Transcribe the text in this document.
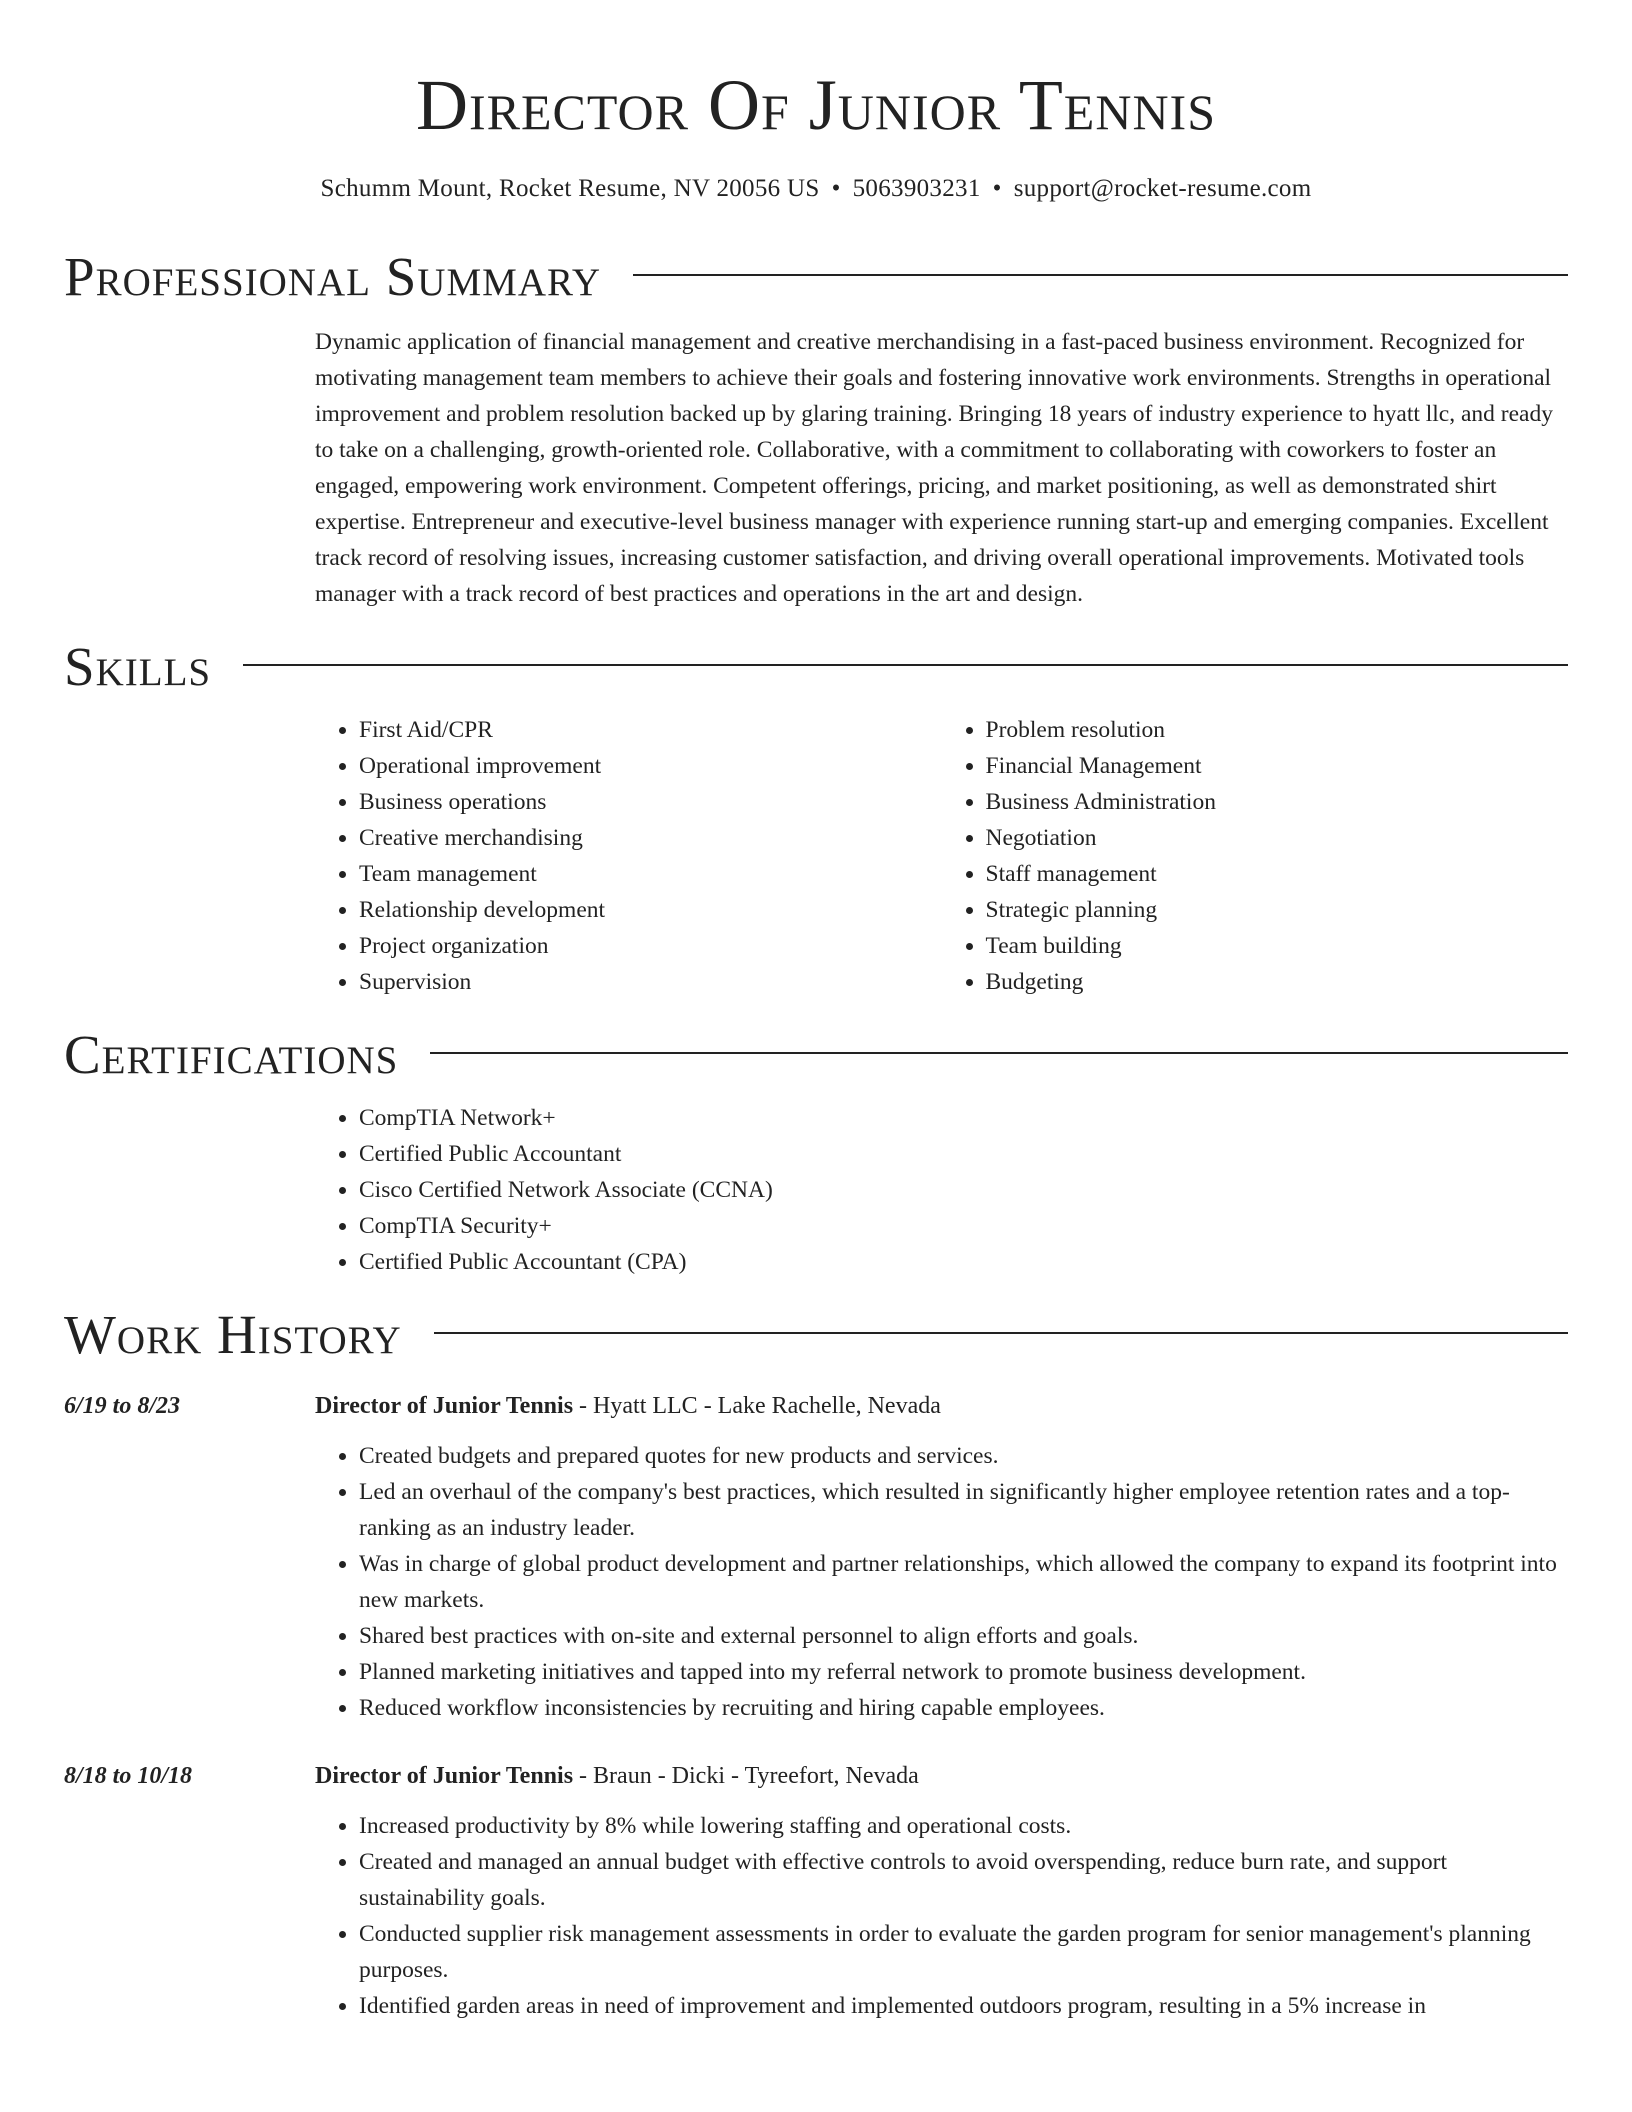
Director Of Junior Tennis
Schumm Mount, Rocket Resume, NV 20056 US • 5063903231 • support@rocket-resume.com
Professional Summary
Dynamic application of financial management and creative merchandising in a fast-paced business environment. Recognized for motivating management team members to achieve their goals and fostering innovative work environments. Strengths in operational improvement and problem resolution backed up by glaring training. Bringing 18 years of industry experience to hyatt llc, and ready to take on a challenging, growth-oriented role. Collaborative, with a commitment to collaborating with coworkers to foster an engaged, empowering work environment. Competent offerings, pricing, and market positioning, as well as demonstrated shirt expertise. Entrepreneur and executive-level business manager with experience running start-up and emerging companies. Excellent track record of resolving issues, increasing customer satisfaction, and driving overall operational improvements. Motivated tools manager with a track record of best practices and operations in the art and design.
Skills
• First Aid/CPR
• Operational improvement
• Business operations
• Creative merchandising
• Team management
• Relationship development
• Project organization
• Supervision
• Problem resolution
• Financial Management
• Business Administration
• Negotiation
• Staff management
• Strategic planning
• Team building
• Budgeting
Certifications
• CompTIA Network+
• Certified Public Accountant
• Cisco Certified Network Associate (CCNA)
• CompTIA Security+
• Certified Public Accountant (CPA)
Work History
6/19 to 8/23	Director of Junior Tennis - Hyatt LLC - Lake Rachelle, Nevada
• Created budgets and prepared quotes for new products and services.
• Led an overhaul of the company's best practices, which resulted in significantly higher employee retention rates and a top-ranking as an industry leader.
• Was in charge of global product development and partner relationships, which allowed the company to expand its footprint into new markets.
• Shared best practices with on-site and external personnel to align efforts and goals.
• Planned marketing initiatives and tapped into my referral network to promote business development.
• Reduced workflow inconsistencies by recruiting and hiring capable employees.
8/18 to 10/18	Director of Junior Tennis - Braun - Dicki - Tyreefort, Nevada
• Increased productivity by 8% while lowering staffing and operational costs.
• Created and managed an annual budget with effective controls to avoid overspending, reduce burn rate, and support sustainability goals.
• Conducted supplier risk management assessments in order to evaluate the garden program for senior management's planning purposes.
• Identified garden areas in need of improvement and implemented outdoors program, resulting in a 5% increase in
